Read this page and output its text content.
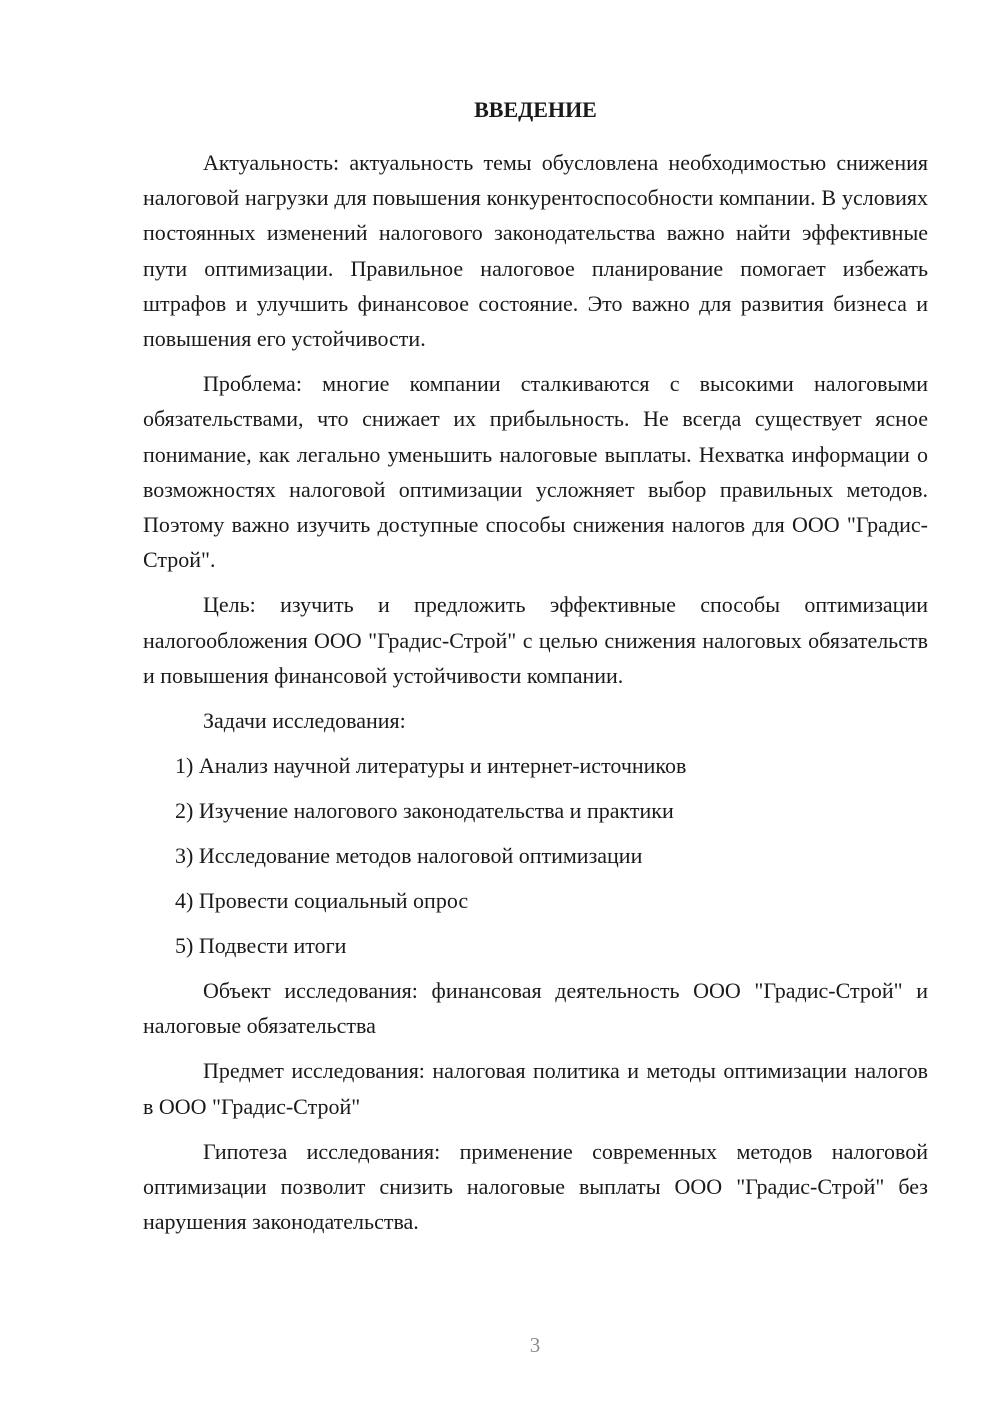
ВВЕДЕНИЕ

Актуальность: актуальность темы обусловлена необходимостью снижения налоговой нагрузки для повышения конкурентоспособности компании. В условиях постоянных изменений налогового законодательства важно найти эффективные пути оптимизации. Правильное налоговое планирование помогает избежать штрафов и улучшить финансовое состояние. Это важно для развития бизнеса и повышения его устойчивости.

Проблема: многие компании сталкиваются с высокими налоговыми обязательствами, что снижает их прибыльность. Не всегда существует ясное понимание, как легально уменьшить налоговые выплаты. Нехватка информации о возможностях налоговой оптимизации усложняет выбор правильных методов. Поэтому важно изучить доступные способы снижения налогов для ООО "Градис-Строй".

Цель: изучить и предложить эффективные способы оптимизации налогообложения ООО "Градис-Строй" с целью снижения налоговых обязательств и повышения финансовой устойчивости компании.

Задачи исследования:
1) Анализ научной литературы и интернет-источников
2) Изучение налогового законодательства и практики
3) Исследование методов налоговой оптимизации
4) Провести социальный опрос
5) Подвести итоги

Объект исследования: финансовая деятельность ООО "Градис-Строй" и налоговые обязательства

Предмет исследования: налоговая политика и методы оптимизации налогов в ООО "Градис-Строй"

Гипотеза исследования: применение современных методов налоговой оптимизации позволит снизить налоговые выплаты ООО "Градис-Строй" без нарушения законодательства.

3
